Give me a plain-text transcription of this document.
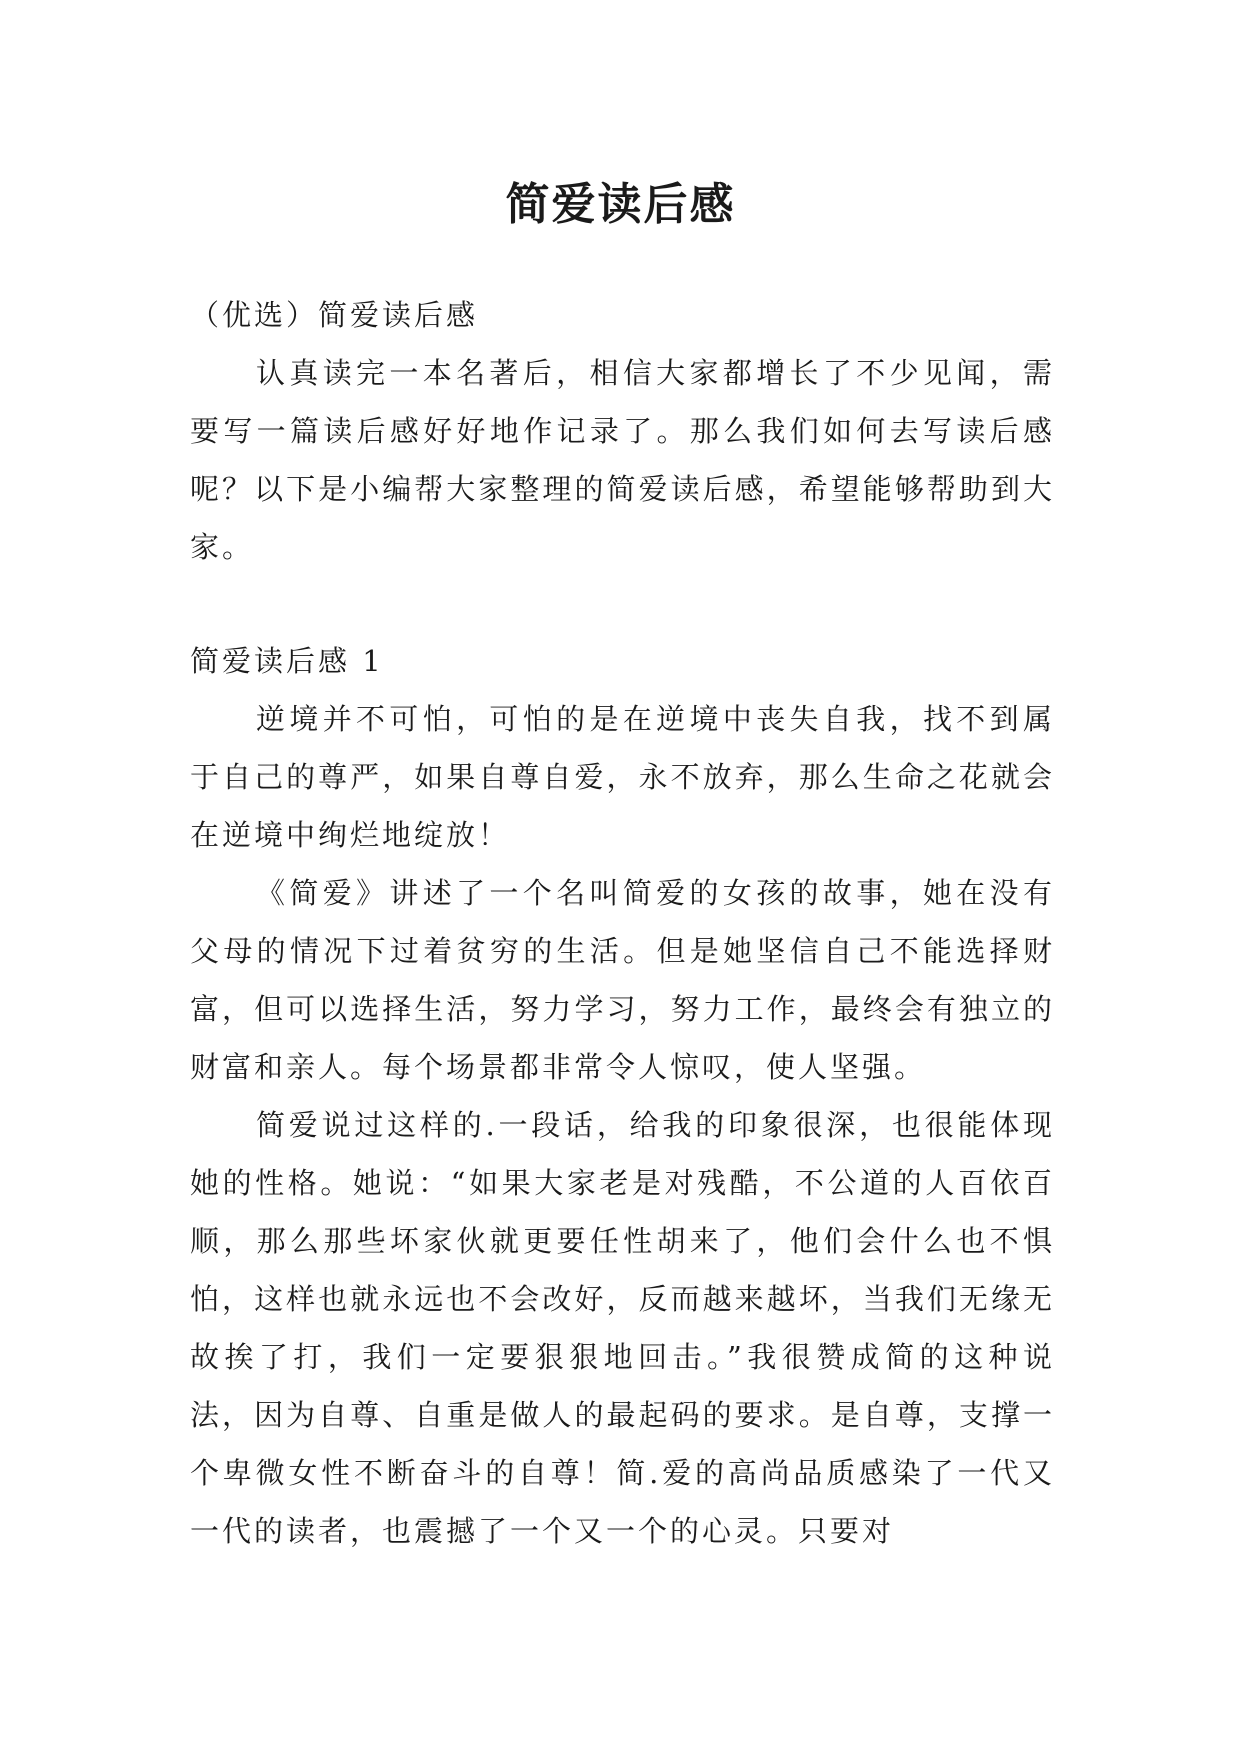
简爱读后感

（优选）简爱读后感

认真读完一本名著后，相信大家都增长了不少见闻，需要写一篇读后感好好地作记录了。那么我们如何去写读后感呢？以下是小编帮大家整理的简爱读后感，希望能够帮助到大家。

简爱读后感 1

逆境并不可怕，可怕的是在逆境中丧失自我，找不到属于自己的尊严，如果自尊自爱，永不放弃，那么生命之花就会在逆境中绚烂地绽放！

《简爱》讲述了一个名叫简爱的女孩的故事，她在没有父母的情况下过着贫穷的生活。但是她坚信自己不能选择财富，但可以选择生活，努力学习，努力工作，最终会有独立的财富和亲人。每个场景都非常令人惊叹，使人坚强。

简爱说过这样的.一段话，给我的印象很深，也很能体现她的性格。她说：“如果大家老是对残酷，不公道的人百依百顺，那么那些坏家伙就更要任性胡来了，他们会什么也不惧怕，这样也就永远也不会改好，反而越来越坏，当我们无缘无故挨了打，我们一定要狠狠地回击。”我很赞成简的这种说法，因为自尊、自重是做人的最起码的要求。是自尊，支撑一个卑微女性不断奋斗的自尊！简.爱的高尚品质感染了一代又一代的读者，也震撼了一个又一个的心灵。只要对
